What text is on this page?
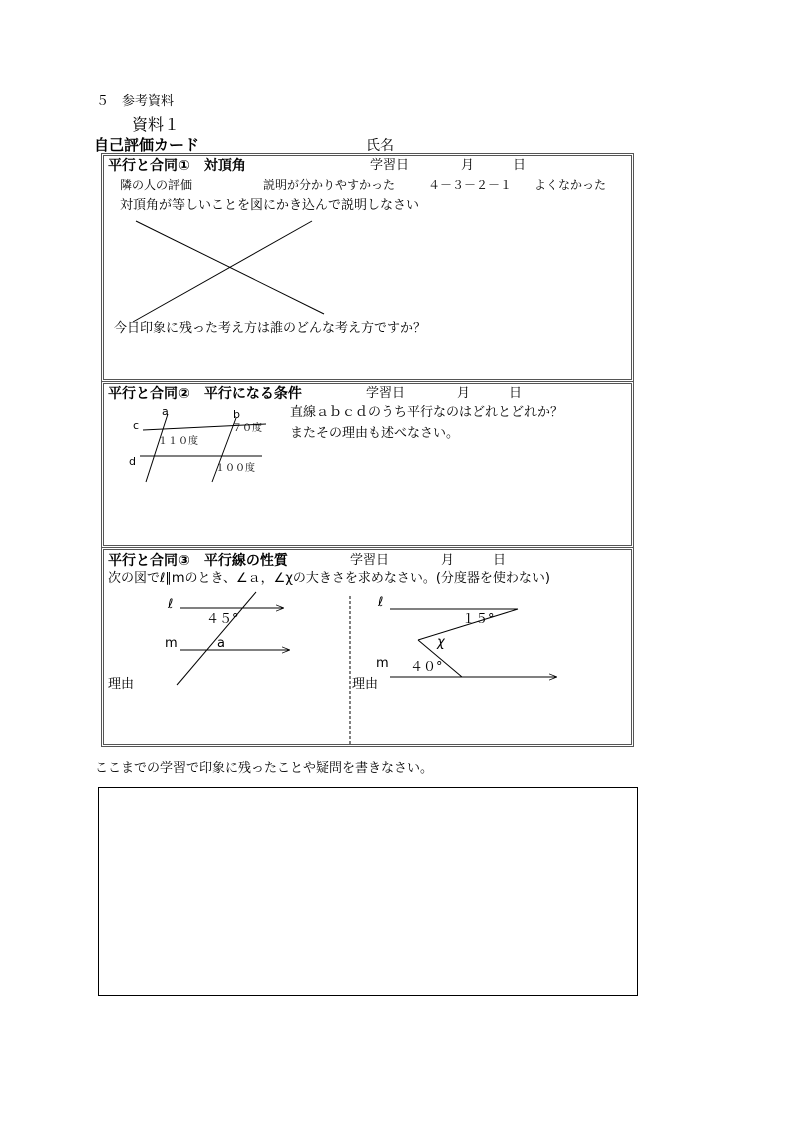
５　参考資料
資料１
自己評価カード	氏名
平行と合同①　対頂角	学習日　　　　月　　　日
隣の人の評価	説明が分かりやすかった	４－３－２－１ よくなかった
対頂角が等しいことを図にかき込んで説明しなさい
今日印象に残った考え方は誰のどんな考え方ですか？
平行と合同②　平行になる条件	学習日　　　　月　　　日
a	b
c
d
７０度
１１０度
１００度
直線ａｂｃｄのうち平行なのはどれとどれか？
またその理由も述べなさい。
平行と合同③　平行線の性質	学習日　　　　月　　　日
次の図でℓ∥mのとき、∠ａ，∠χの大きさを求めなさい。(分度器を使わない)
ℓ
４５°
m	a
理由
ℓ
１５°
χ
m ４０°
理由
ここまでの学習で印象に残ったことや疑問を書きなさい。
